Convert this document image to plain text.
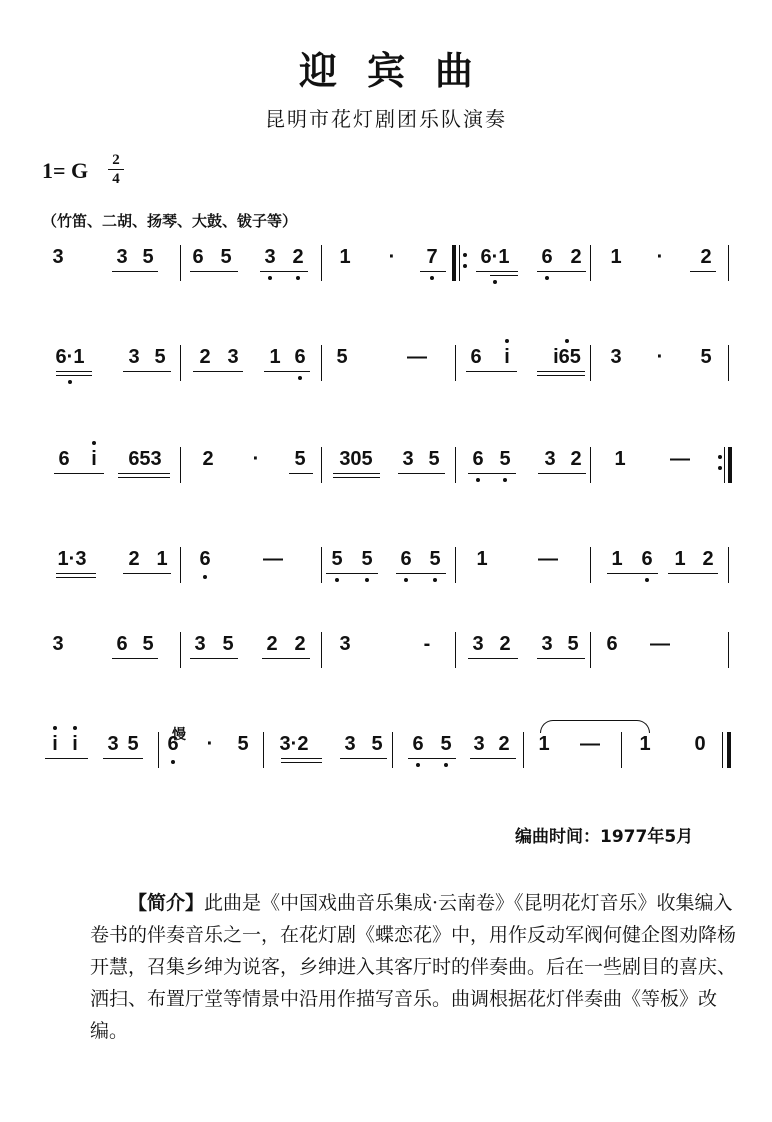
迎宾曲
昆明市花灯剧团乐队演奏
1= G 2
4
（竹笛、二胡、扬琴、大鼓、钹子等）
3	3 5 6 5 3 2 1 · 7 6·1 6 2 1 · 2
6·1 3 5 2 3 1 6 5	— 6 i i65 3 · 5
6 i 653 2 · 5 305 3 5 6 5 3 2 1 —
1·3 2 1 6	— 5 5 6 5 1	—	1 6 1 2
3	6 5 3 5 2 2 3	- 3 2 3 5 6 —
i i 3 5 6 · 5 3·2 3 5 6 5 3 2 1 — 1 0
慢
编曲时间：1977年5月

【简介】此曲是《中国戏曲音乐集成·云南卷》《昆明花灯音乐》收集编入卷书的伴奏音乐之一，在花灯剧《蝶恋花》中，用作反动军阀何健企图劝降杨开慧，召集乡绅为说客，乡绅进入其客厅时的伴奏曲。后在一些剧目的喜庆、洒扫、布置厅堂等情景中沿用作描写音乐。曲调根据花灯伴奏曲《等板》改编。
